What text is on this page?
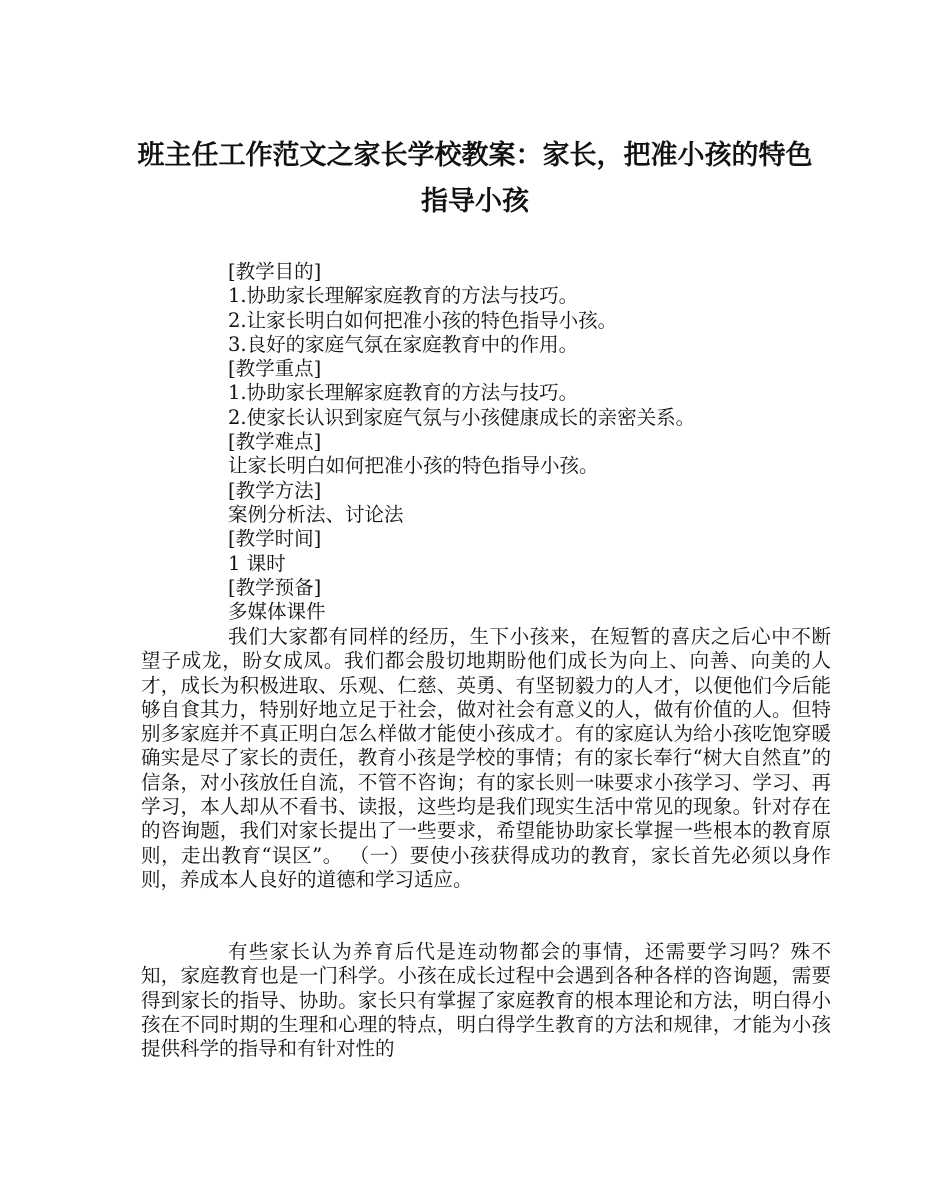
班主任工作范文之家长学校教案：家长，把准小孩的特色指导小孩

[教学目的]

1.协助家长理解家庭教育的方法与技巧。

2.让家长明白如何把准小孩的特色指导小孩。

3.良好的家庭气氛在家庭教育中的作用。

[教学重点]

1.协助家长理解家庭教育的方法与技巧。

2.使家长认识到家庭气氛与小孩健康成长的亲密关系。

[教学难点]

让家长明白如何把准小孩的特色指导小孩。

[教学方法]

案例分析法、讨论法

[教学时间]

1 课时

[教学预备]

多媒体课件

我们大家都有同样的经历，生下小孩来，在短暂的喜庆之后心中不断望子成龙，盼女成凤。我们都会殷切地期盼他们成长为向上、向善、向美的人才，成长为积极进取、乐观、仁慈、英勇、有坚韧毅力的人才，以便他们今后能够自食其力，特别好地立足于社会，做对社会有意义的人，做有价值的人。但特别多家庭并不真正明白怎么样做才能使小孩成才。有的家庭认为给小孩吃饱穿暖确实是尽了家长的责任，教育小孩是学校的事情；有的家长奉行“树大自然直”的信条，对小孩放任自流，不管不咨询；有的家长则一味要求小孩学习、学习、再学习，本人却从不看书、读报，这些均是我们现实生活中常见的现象。针对存在的咨询题，我们对家长提出了一些要求，希望能协助家长掌握一些根本的教育原则，走出教育“误区”。 （一）要使小孩获得成功的教育，家长首先必须以身作则，养成本人良好的道德和学习适应。

有些家长认为养育后代是连动物都会的事情，还需要学习吗？殊不知，家庭教育也是一门科学。小孩在成长过程中会遇到各种各样的咨询题，需要得到家长的指导、协助。家长只有掌握了家庭教育的根本理论和方法，明白得小孩在不同时期的生理和心理的特点，明白得学生教育的方法和规律，才能为小孩提供科学的指导和有针对性的
